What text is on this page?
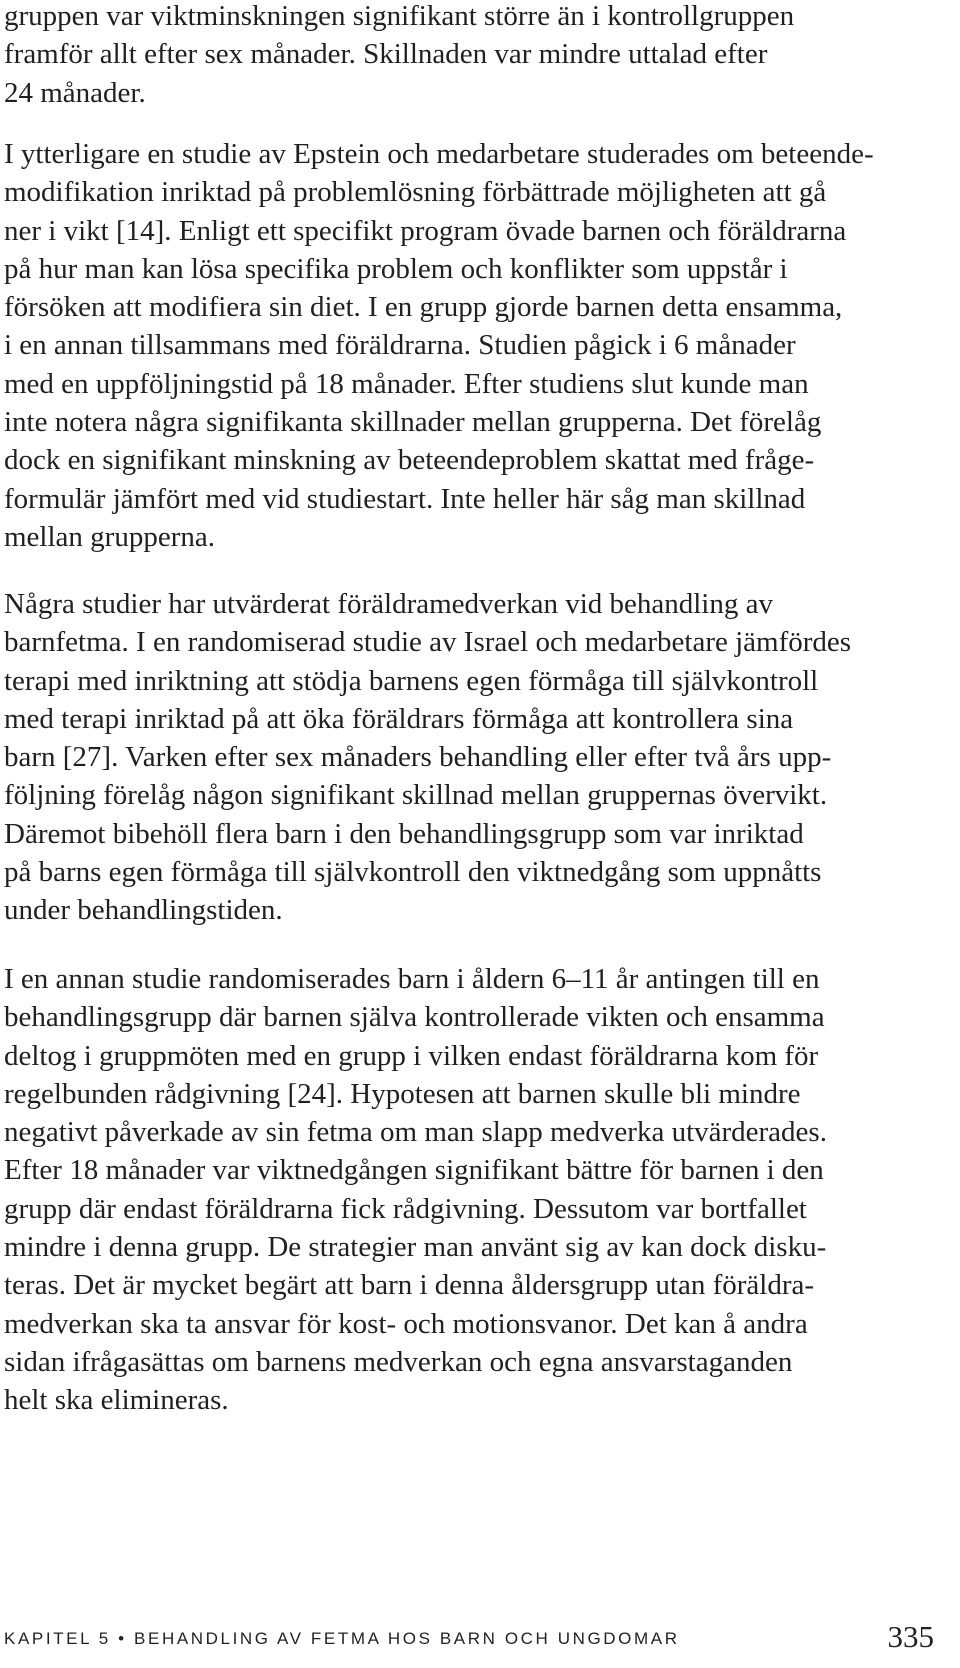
gruppen var viktminskningen signifikant större än i kontrollgruppen
framför allt efter sex månader. Skillnaden var mindre uttalad efter
24 månader.
I ytterligare en studie av Epstein och medarbetare studerades om beteende-
modifikation inriktad på problemlösning förbättrade möjligheten att gå
ner i vikt [14]. Enligt ett specifikt program övade barnen och föräldrarna
på hur man kan lösa specifika problem och konflikter som uppstår i
försöken att modifiera sin diet. I en grupp gjorde barnen detta ensamma,
i en annan tillsammans med föräldrarna. Studien pågick i 6 månader
med en uppföljningstid på 18 månader. Efter studiens slut kunde man
inte notera några signifikanta skillnader mellan grupperna. Det förelåg
dock en signifikant minskning av beteendeproblem skattat med fråge-
formulär jämfört med vid studiestart. Inte heller här såg man skillnad
mellan grupperna.
Några studier har utvärderat föräldramedverkan vid behandling av
barnfetma. I en randomiserad studie av Israel och medarbetare jämfördes
terapi med inriktning att stödja barnens egen förmåga till självkontroll
med terapi inriktad på att öka föräldrars förmåga att kontrollera sina
barn [27]. Varken efter sex månaders behandling eller efter två års upp-
följning förelåg någon signifikant skillnad mellan gruppernas övervikt.
Däremot bibehöll flera barn i den behandlingsgrupp som var inriktad
på barns egen förmåga till självkontroll den viktnedgång som uppnåtts
under behandlingstiden.
I en annan studie randomiserades barn i åldern 6–11 år antingen till en
behandlingsgrupp där barnen själva kontrollerade vikten och ensamma
deltog i gruppmöten med en grupp i vilken endast föräldrarna kom för
regelbunden rådgivning [24]. Hypotesen att barnen skulle bli mindre
negativt påverkade av sin fetma om man slapp medverka utvärderades.
Efter 18 månader var viktnedgången signifikant bättre för barnen i den
grupp där endast föräldrarna fick rådgivning. Dessutom var bortfallet
mindre i denna grupp. De strategier man använt sig av kan dock disku-
teras. Det är mycket begärt att barn i denna åldersgrupp utan föräldra-
medverkan ska ta ansvar för kost- och motionsvanor. Det kan å andra
sidan ifrågasättas om barnens medverkan och egna ansvarstaganden
helt ska elimineras.
KAPITEL 5 • BEHANDLING AV FETMA HOS BARN OCH UNGDOMAR	335
